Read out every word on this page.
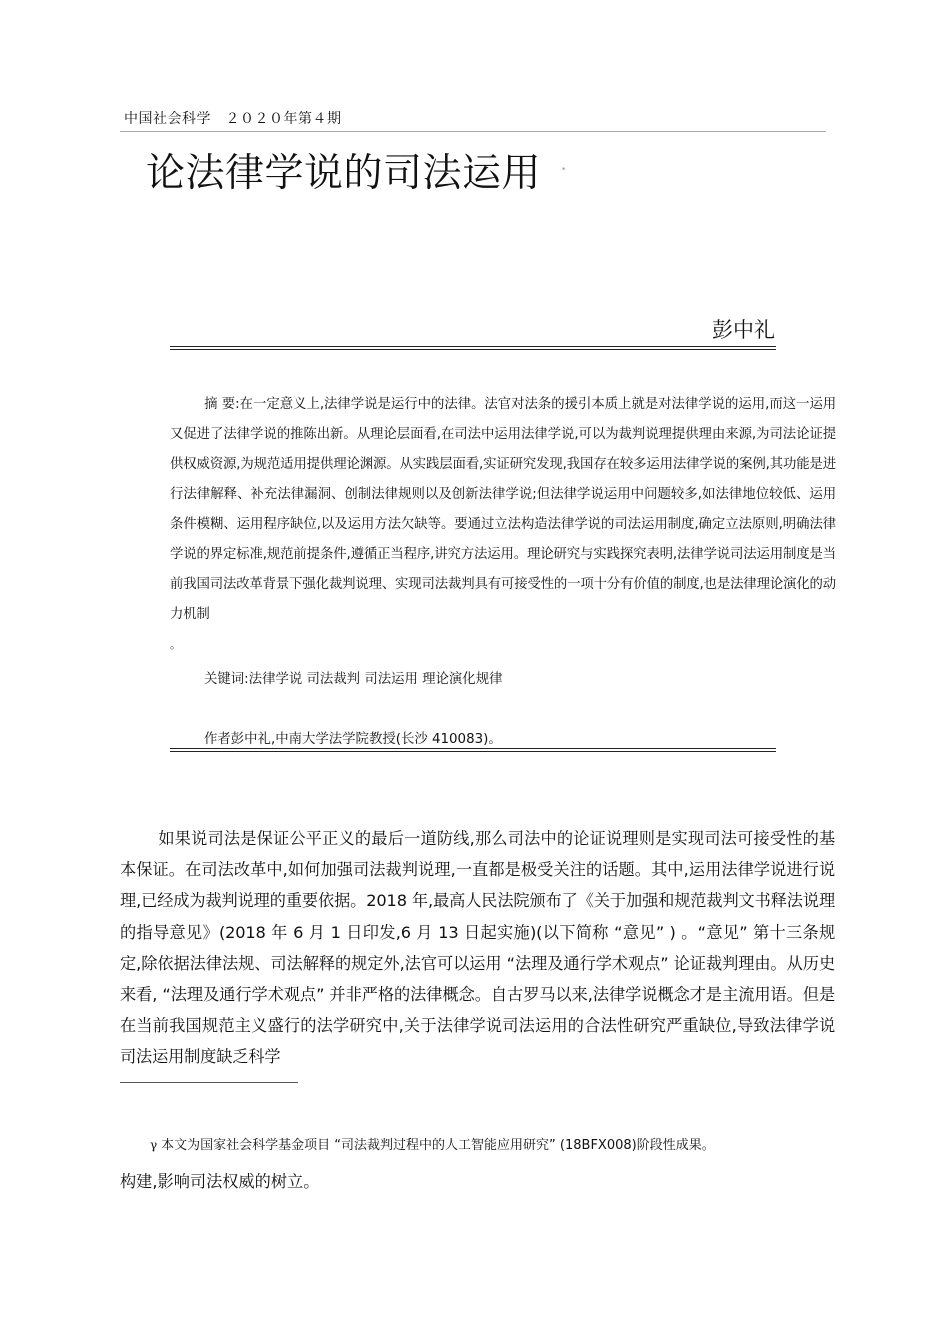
中国社会科学　２０２０年第４期
论法律学说的司法运用	*
彭中礼
摘 要:在一定意义上,法律学说是运行中的法律。法官对法条的援引本质上就是对法律学说的运用,而这一运用又促进了法律学说的推陈出新。从理论层面看,在司法中运用法律学说,可以为裁判说理提供理由来源,为司法论证提供权威资源,为规范适用提供理论渊源。从实践层面看,实证研究发现,我国存在较多运用法律学说的案例,其功能是进行法律解释、补充法律漏洞、创制法律规则以及创新法律学说;但法律学说运用中问题较多,如法律地位较低、运用条件模糊、运用程序缺位,以及运用方法欠缺等。要通过立法构造法律学说的司法运用制度,确定立法原则,明确法律学说的界定标准,规范前提条件,遵循正当程序,讲究方法运用。理论研究与实践探究表明,法律学说司法运用制度是当前我国司法改革背景下强化裁判说理、实现司法裁判具有可接受性的一项十分有价值的制度,也是法律理论演化的动力机制
。
关键词:法律学说 司法裁判 司法运用 理论演化规律
作者彭中礼,中南大学法学院教授(长沙 410083)。
如果说司法是保证公平正义的最后一道防线,那么司法中的论证说理则是实现司法可接受性的基本保证。在司法改革中,如何加强司法裁判说理,一直都是极受关注的话题。其中,运用法律学说进行说理,已经成为裁判说理的重要依据。2018 年,最高人民法院颁布了《关于加强和规范裁判文书释法说理的指导意见》(2018 年 6 月 1 日印发,6 月 13 日起实施)(以下简称 “意见” ) 。“意见” 第十三条规定,除依据法律法规、司法解释的规定外,法官可以运用 “法理及通行学术观点” 论证裁判理由。从历史来看, “法理及通行学术观点” 并非严格的法律概念。自古罗马以来,法律学说概念才是主流用语。但是在当前我国规范主义盛行的法学研究中,关于法律学说司法运用的合法性研究严重缺位,导致法律学说司法运用制度缺乏科学
γ 本文为国家社会科学基金项目 “司法裁判过程中的人工智能应用研究” (18BFX008)阶段性成果。
构建,影响司法权威的树立。
